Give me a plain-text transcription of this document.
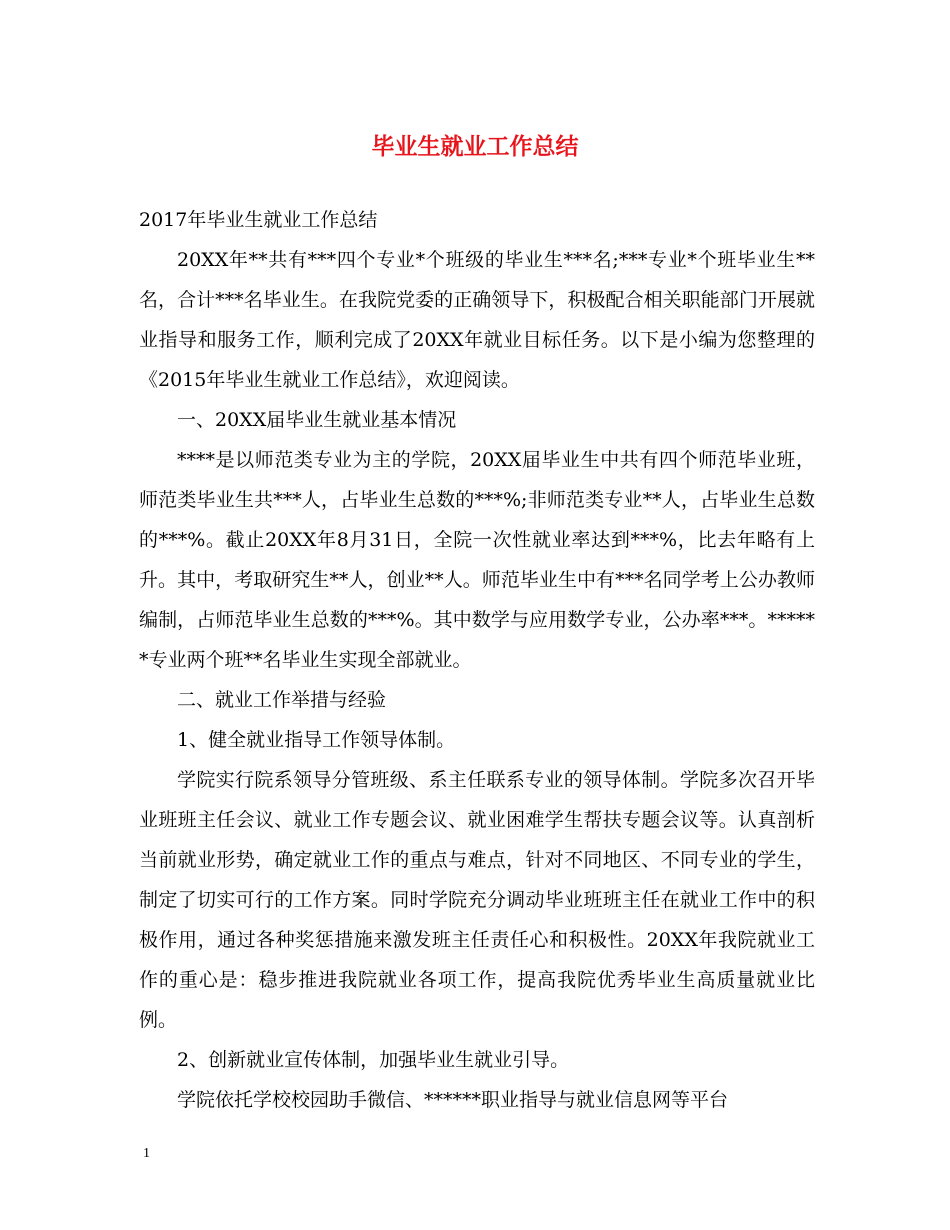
毕业生就业工作总结

2017年毕业生就业工作总结

20XX年**共有***四个专业*个班级的毕业生***名;***专业*个班毕业生**名，合计***名毕业生。在我院党委的正确领导下，积极配合相关职能部门开展就业指导和服务工作，顺利完成了20XX年就业目标任务。以下是小编为您整理的《2015年毕业生就业工作总结》，欢迎阅读。

一、20XX届毕业生就业基本情况

****是以师范类专业为主的学院，20XX届毕业生中共有四个师范毕业班，师范类毕业生共***人，占毕业生总数的***%;非师范类专业**人，占毕业生总数的***%。截止20XX年8月31日，全院一次性就业率达到***%，比去年略有上升。其中，考取研究生**人，创业**人。师范毕业生中有***名同学考上公办教师编制，占师范毕业生总数的***%。其中数学与应用数学专业，公办率***。******专业两个班**名毕业生实现全部就业。

二、就业工作举措与经验

1、健全就业指导工作领导体制。

学院实行院系领导分管班级、系主任联系专业的领导体制。学院多次召开毕业班班主任会议、就业工作专题会议、就业困难学生帮扶专题会议等。认真剖析当前就业形势，确定就业工作的重点与难点，针对不同地区、不同专业的学生，制定了切实可行的工作方案。同时学院充分调动毕业班班主任在就业工作中的积极作用，通过各种奖惩措施来激发班主任责任心和积极性。20XX年我院就业工作的重心是：稳步推进我院就业各项工作，提高我院优秀毕业生高质量就业比例。

2、创新就业宣传体制，加强毕业生就业引导。

学院依托学校校园助手微信、******职业指导与就业信息网等平台

1
